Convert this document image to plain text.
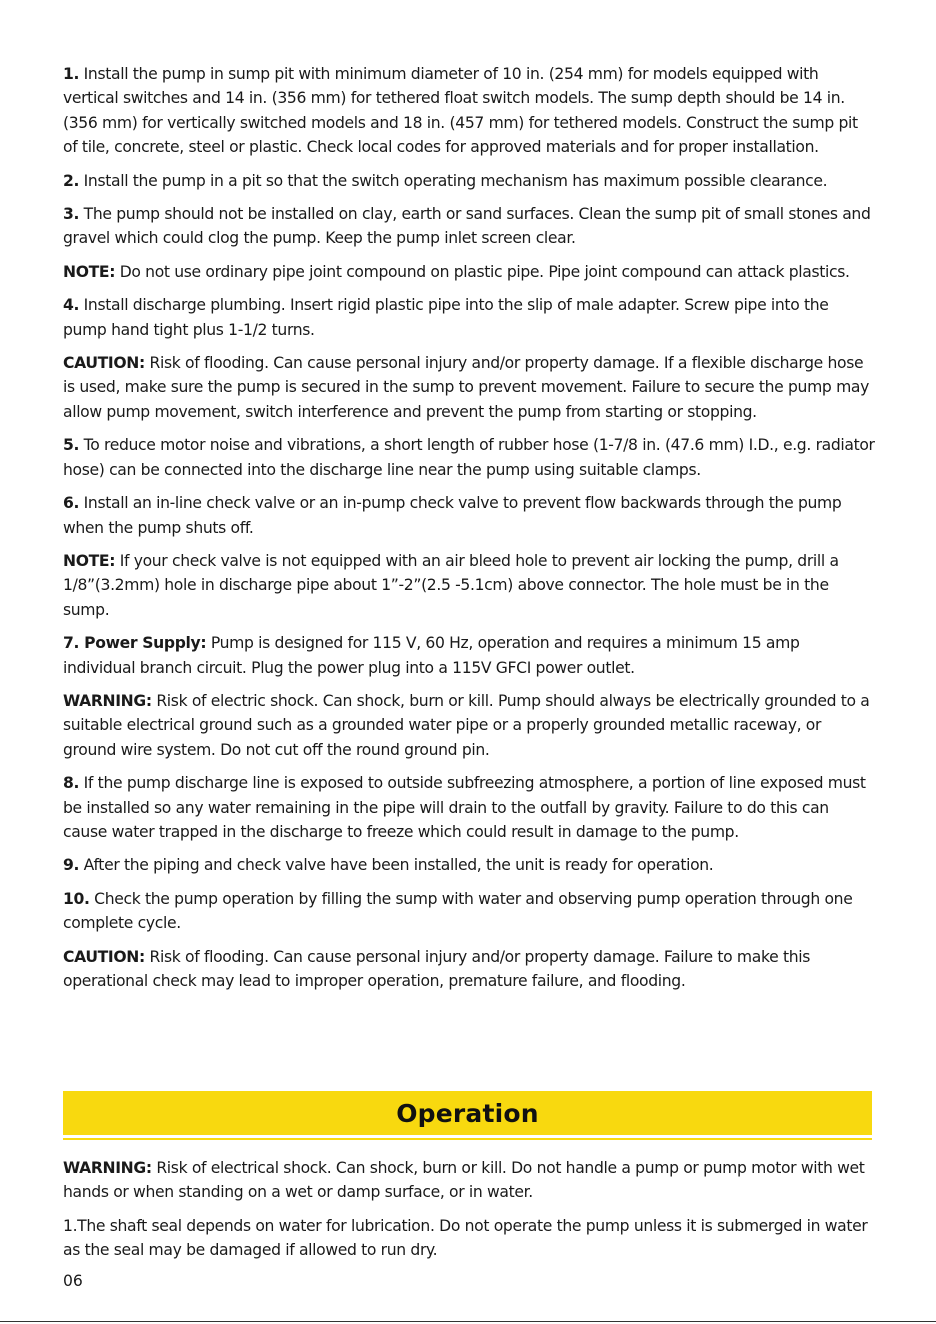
1. Install the pump in sump pit with minimum diameter of 10 in. (254 mm) for models equipped with vertical switches and 14 in. (356 mm) for tethered float switch models. The sump depth should be 14 in. (356 mm) for vertically switched models and 18 in. (457 mm) for tethered models. Construct the sump pit of tile, concrete, steel or plastic. Check local codes for approved materials and for proper installation.

2. Install the pump in a pit so that the switch operating mechanism has maximum possible clearance.

3. The pump should not be installed on clay, earth or sand surfaces. Clean the sump pit of small stones and gravel which could clog the pump. Keep the pump inlet screen clear.

NOTE: Do not use ordinary pipe joint compound on plastic pipe. Pipe joint compound can attack plastics.

4. Install discharge plumbing. Insert rigid plastic pipe into the slip of male adapter. Screw pipe into the pump hand tight plus 1-1/2 turns.

CAUTION: Risk of flooding. Can cause personal injury and/or property damage. If a flexible discharge hose is used, make sure the pump is secured in the sump to prevent movement. Failure to secure the pump may allow pump movement, switch interference and prevent the pump from starting or stopping.

5. To reduce motor noise and vibrations, a short length of rubber hose (1-7/8 in. (47.6 mm) I.D., e.g. radiator hose) can be connected into the discharge line near the pump using suitable clamps.

6. Install an in-line check valve or an in-pump check valve to prevent flow backwards through the pump when the pump shuts off.

NOTE: If your check valve is not equipped with an air bleed hole to prevent air locking the pump, drill a 1/8”(3.2mm) hole in discharge pipe about 1”-2”(2.5 -5.1cm) above connector. The hole must be in the sump.

7. Power Supply: Pump is designed for 115 V, 60 Hz, operation and requires a minimum 15 amp individual branch circuit. Plug the power plug into a 115V GFCI power outlet.

WARNING: Risk of electric shock. Can shock, burn or kill. Pump should always be electrically grounded to a suitable electrical ground such as a grounded water pipe or a properly grounded metallic raceway, or ground wire system. Do not cut off the round ground pin.

8. If the pump discharge line is exposed to outside subfreezing atmosphere, a portion of line exposed must be installed so any water remaining in the pipe will drain to the outfall by gravity. Failure to do this can cause water trapped in the discharge to freeze which could result in damage to the pump.

9. After the piping and check valve have been installed, the unit is ready for operation.

10. Check the pump operation by filling the sump with water and observing pump operation through one complete cycle.

CAUTION: Risk of flooding. Can cause personal injury and/or property damage. Failure to make this operational check may lead to improper operation, premature failure, and flooding.

Operation

WARNING: Risk of electrical shock. Can shock, burn or kill. Do not handle a pump or pump motor with wet hands or when standing on a wet or damp surface, or in water.

1.The shaft seal depends on water for lubrication. Do not operate the pump unless it is submerged in water as the seal may be damaged if allowed to run dry.

06
